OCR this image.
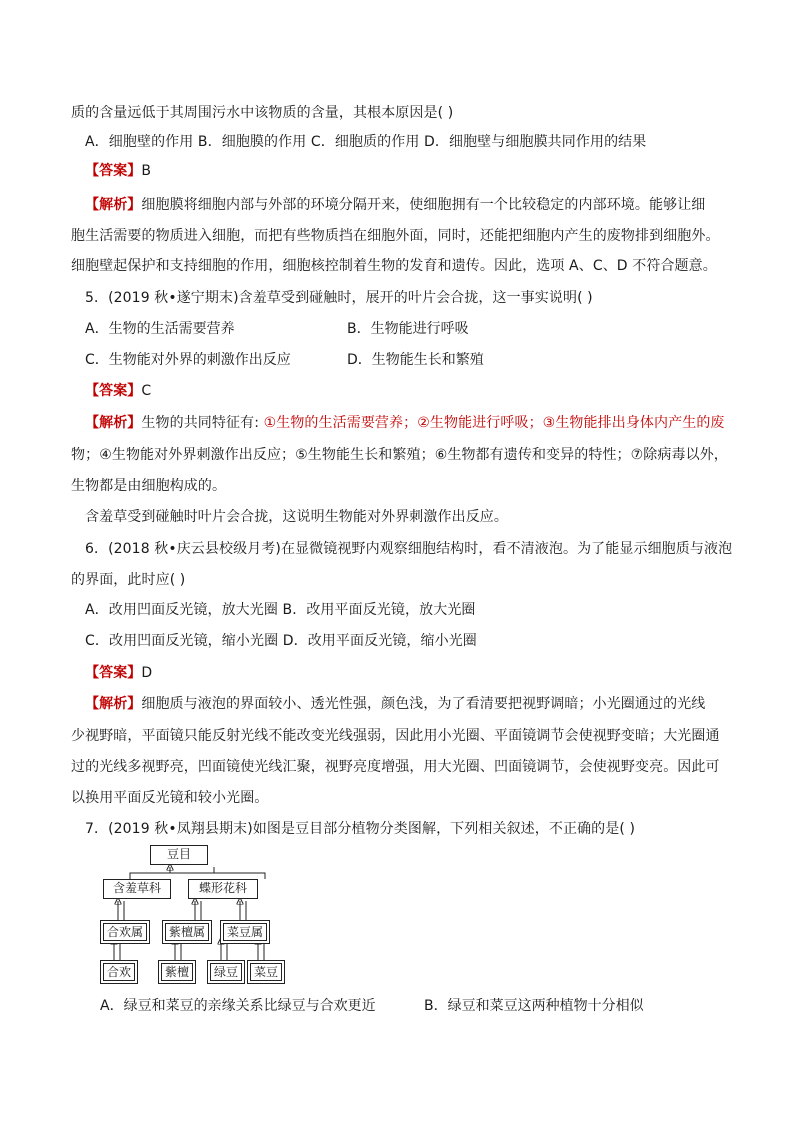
质的含量远低于其周围污水中该物质的含量，其根本原因是( )
A．细胞壁的作用 B．细胞膜的作用 C．细胞质的作用 D．细胞壁与细胞膜共同作用的结果
【答案】B
【解析】细胞膜将细胞内部与外部的环境分隔开来，使细胞拥有一个比较稳定的内部环境。能够让细
胞生活需要的物质进入细胞，而把有些物质挡在细胞外面，同时，还能把细胞内产生的废物排到细胞外。
细胞壁起保护和支持细胞的作用，细胞核控制着生物的发育和遗传。因此，选项 A、C、D 不符合题意。
5．(2019 秋•遂宁期末)含羞草受到碰触时，展开的叶片会合拢，这一事实说明( )
A．生物的生活需要营养	B．生物能进行呼吸
C．生物能对外界的刺激作出反应	D．生物能生长和繁殖
【答案】C
【解析】生物的共同特征有: ①生物的生活需要营养；②生物能进行呼吸；③生物能排出身体内产生的废
物；④生物能对外界刺激作出反应；⑤生物能生长和繁殖；⑥生物都有遗传和变异的特性；⑦除病毒以外，
生物都是由细胞构成的。
含羞草受到碰触时叶片会合拢，这说明生物能对外界刺激作出反应。
6．(2018 秋•庆云县校级月考)在显微镜视野内观察细胞结构时，看不清液泡。为了能显示细胞质与液泡
的界面，此时应( )
A．改用凹面反光镜，放大光圈 B．改用平面反光镜，放大光圈
C．改用凹面反光镜，缩小光圈 D．改用平面反光镜，缩小光圈
【答案】D
【解析】细胞质与液泡的界面较小、透光性强，颜色浅，为了看清要把视野调暗；小光圈通过的光线
少视野暗，平面镜只能反射光线不能改变光线强弱，因此用小光圈、平面镜调节会使视野变暗；大光圈通
过的光线多视野亮，凹面镜使光线汇聚，视野亮度增强，用大光圈、凹面镜调节，会使视野变亮。因此可
以换用平面反光镜和较小光圈。
7．(2019 秋•凤翔县期末)如图是豆目部分植物分类图解，下列相关叙述，不正确的是( )
豆目
含羞草科	蝶形花科
合欢属	紫檀属	菜豆属
合欢	紫檀	绿豆	菜豆
A．绿豆和菜豆的亲缘关系比绿豆与合欢更近	B．绿豆和菜豆这两种植物十分相似
